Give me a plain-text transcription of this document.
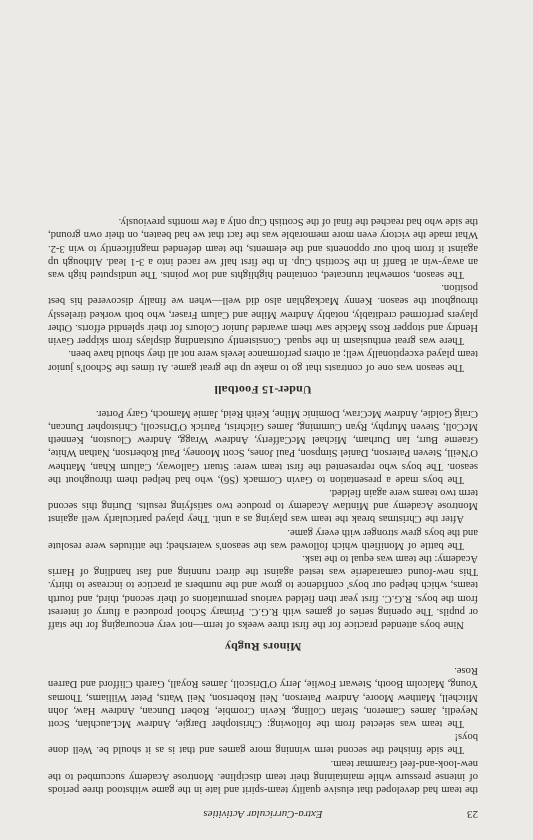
23
Extra-Curricular Activities

the team had developed that elusive quality team-spirit and late in the game withstood three periods of intense pressure while maintaining their team discipline. Montrose Academy succumbed to the new-look-and-feel Grammar team.

The side finished the second term winning more games and that is as it should be. Well done boys!

The team was selected from the following: Christopher Dargie, Andrew McLauchlan, Scott Neyedli, James Cameron, Stefan Colling, Kevin Crombie, Robert Duncan, Andrew Haw, John Mitchell, Matthew Moore, Andrew Paterson, Neil Robertson, Neil Watts, Peter Williams, Thomas Young, Malcolm Booth, Stewart Fowlie, Jerry O'Driscoll, James Royall, Gareth Clifford and Darren Rose.

Minors Rugby

Nine boys attended practice for the first three weeks of term—not very encouraging for the staff or pupils. The opening series of games with R.G.C. Primary School produced a flurry of interest from the boys. R.G.C. first year then fielded various permutations of their second, third, and fourth teams, which helped our boys' confidence to grow and the numbers at practice to increase to thirty. This new-found camaraderie was tested against the direct running and fast handling of Harris Academy: the team was equal to the task.

The battle of Monifieth which followed was the season's watershed; the attitudes were resolute and the boys grew stronger with every game.

After the Christmas break the team was playing as a unit. They played particularly well against Montrose Academy and Mintlaw Academy to produce two satisfying results. During this second term two teams were again fielded.

The boys made a presentation to Gavin Cormack (S6), who had helped them throughout the season. The boys who represented the first team were: Stuart Galloway, Callum Khan, Matthew O'Neill, Steven Paterson, Daniel Simpson, Paul Jones, Scott Mooney, Paul Robertson, Nathan White, Graeme Burr, Ian Durham, Michael McCafferty, Andrew Wragg, Andrew Clouston, Kenneth McColl, Steven Murphy, Ryan Cumming, James Gilchrist, Patrick O'Driscoll, Christopher Duncan, Craig Goldie, Andrew McCraw, Dominic Milne, Keith Reid, Jamie Mamoch, Gary Porter.

Under-15 Football

The season was one of contrasts that go to make up the great game. At times the School's junior team played exceptionally well; at others performance levels were not all they should have been.

There was great enthusiasm in the squad. Consistently outstanding displays from skipper Gavin Hendry and stopper Ross Mackie saw them awarded Junior Colours for their splendid efforts. Other players performed creditably, notably Andrew Milne and Calum Fraser, who both worked tirelessly throughout the season. Kenny Mackaghlan also did well—when we finally discovered his best position.

The season, somewhat truncated, contained highlights and low points. The undisputed high was an away-win at Banff in the Scottish Cup. In the first half we raced into a 3-1 lead. Although up against it from both our opponents and the elements, the team defended magnificently to win 3-2. What made the victory even more memorable was the fact that we had beaten, on their own ground, the side who had reached the final of the Scottish Cup only a few months previously.
